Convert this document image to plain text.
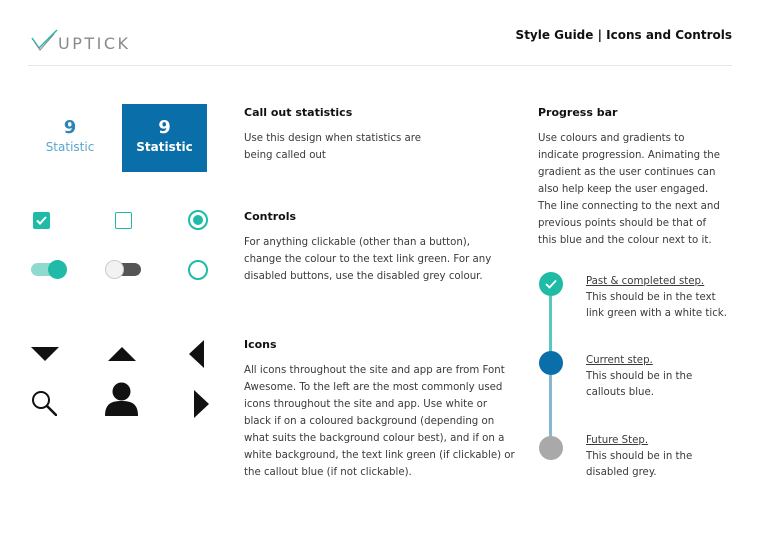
UPTICK	Style Guide | Icons and Controls
9
Statistic
9
Statistic
Call out statistics
Use this design when statistics are
being called out
Controls
For anything clickable (other than a button),
change the colour to the text link green. For any
disabled buttons, use the disabled grey colour.
Icons
All icons throughout the site and app are from Font
Awesome. To the left are the most commonly used
icons throughout the site and app. Use white or
black if on a coloured background (depending on
what suits the background colour best), and if on a
white background, the text link green (if clickable) or
the callout blue (if not clickable).
Progress bar
Use colours and gradients to
indicate progression. Animating the
gradient as the user continues can
also help keep the user engaged.
The line connecting to the next and
previous points should be that of
this blue and the colour next to it.
Past & completed step.
This should be in the text
link green with a white tick.
Current step.
This should be in the
callouts blue.
Future Step.
This should be in the
disabled grey.
